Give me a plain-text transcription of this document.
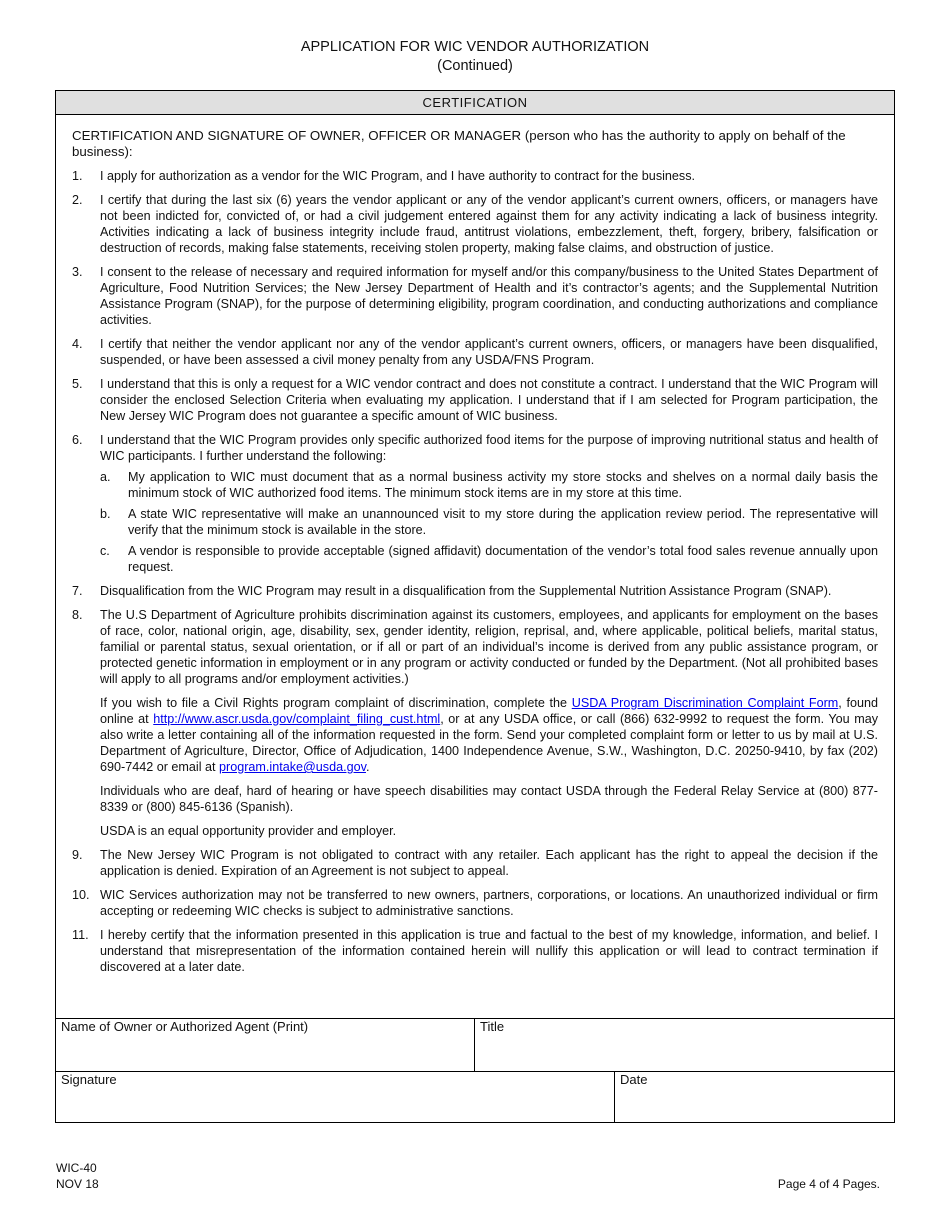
APPLICATION FOR WIC VENDOR AUTHORIZATION
(Continued)
CERTIFICATION
CERTIFICATION AND SIGNATURE OF OWNER, OFFICER OR MANAGER (person who has the authority to apply on behalf of the business):
1. I apply for authorization as a vendor for the WIC Program, and I have authority to contract for the business.
2. I certify that during the last six (6) years the vendor applicant or any of the vendor applicant’s current owners, officers, or managers have not been indicted for, convicted of, or had a civil judgement entered against them for any activity indicating a lack of business integrity. Activities indicating a lack of business integrity include fraud, antitrust violations, embezzlement, theft, forgery, bribery, falsification or destruction of records, making false statements, receiving stolen property, making false claims, and obstruction of justice.
3. I consent to the release of necessary and required information for myself and/or this company/business to the United States Department of Agriculture, Food Nutrition Services; the New Jersey Department of Health and it’s contractor’s agents; and the Supplemental Nutrition Assistance Program (SNAP), for the purpose of determining eligibility, program coordination, and conducting authorizations and compliance activities.
4. I certify that neither the vendor applicant nor any of the vendor applicant’s current owners, officers, or managers have been disqualified, suspended, or have been assessed a civil money penalty from any USDA/FNS Program.
5. I understand that this is only a request for a WIC vendor contract and does not constitute a contract. I understand that the WIC Program will consider the enclosed Selection Criteria when evaluating my application. I understand that if I am selected for Program participation, the New Jersey WIC Program does not guarantee a specific amount of WIC business.
6. I understand that the WIC Program provides only specific authorized food items for the purpose of improving nutritional status and health of WIC participants. I further understand the following:
a. My application to WIC must document that as a normal business activity my store stocks and shelves on a normal daily basis the minimum stock of WIC authorized food items. The minimum stock items are in my store at this time.
b. A state WIC representative will make an unannounced visit to my store during the application review period. The representative will verify that the minimum stock is available in the store.
c. A vendor is responsible to provide acceptable (signed affidavit) documentation of the vendor’s total food sales revenue annually upon request.
7. Disqualification from the WIC Program may result in a disqualification from the Supplemental Nutrition Assistance Program (SNAP).
8. The U.S Department of Agriculture prohibits discrimination against its customers, employees, and applicants for employment on the bases of race, color, national origin, age, disability, sex, gender identity, religion, reprisal, and, where applicable, political beliefs, marital status, familial or parental status, sexual orientation, or if all or part of an individual’s income is derived from any public assistance program, or protected genetic information in employment or in any program or activity conducted or funded by the Department. (Not all prohibited bases will apply to all programs and/or employment activities.)

If you wish to file a Civil Rights program complaint of discrimination, complete the USDA Program Discrimination Complaint Form, found online at http://www.ascr.usda.gov/complaint_filing_cust.html, or at any USDA office, or call (866) 632-9992 to request the form. You may also write a letter containing all of the information requested in the form. Send your completed complaint form or letter to us by mail at U.S. Department of Agriculture, Director, Office of Adjudication, 1400 Independence Avenue, S.W., Washington, D.C. 20250-9410, by fax (202) 690-7442 or email at program.intake@usda.gov.

Individuals who are deaf, hard of hearing or have speech disabilities may contact USDA through the Federal Relay Service at (800) 877-8339 or (800) 845-6136 (Spanish).

USDA is an equal opportunity provider and employer.

9. The New Jersey WIC Program is not obligated to contract with any retailer. Each applicant has the right to appeal the decision if the application is denied. Expiration of an Agreement is not subject to appeal.
10. WIC Services authorization may not be transferred to new owners, partners, corporations, or locations. An unauthorized individual or firm accepting or redeeming WIC checks is subject to administrative sanctions.
11. I hereby certify that the information presented in this application is true and factual to the best of my knowledge, information, and belief. I understand that misrepresentation of the information contained herein will nullify this application or will lead to contract termination if discovered at a later date.
Name of Owner or Authorized Agent (Print)	Title
Signature	Date
WIC-40
NOV 18	Page 4 of 4 Pages.
